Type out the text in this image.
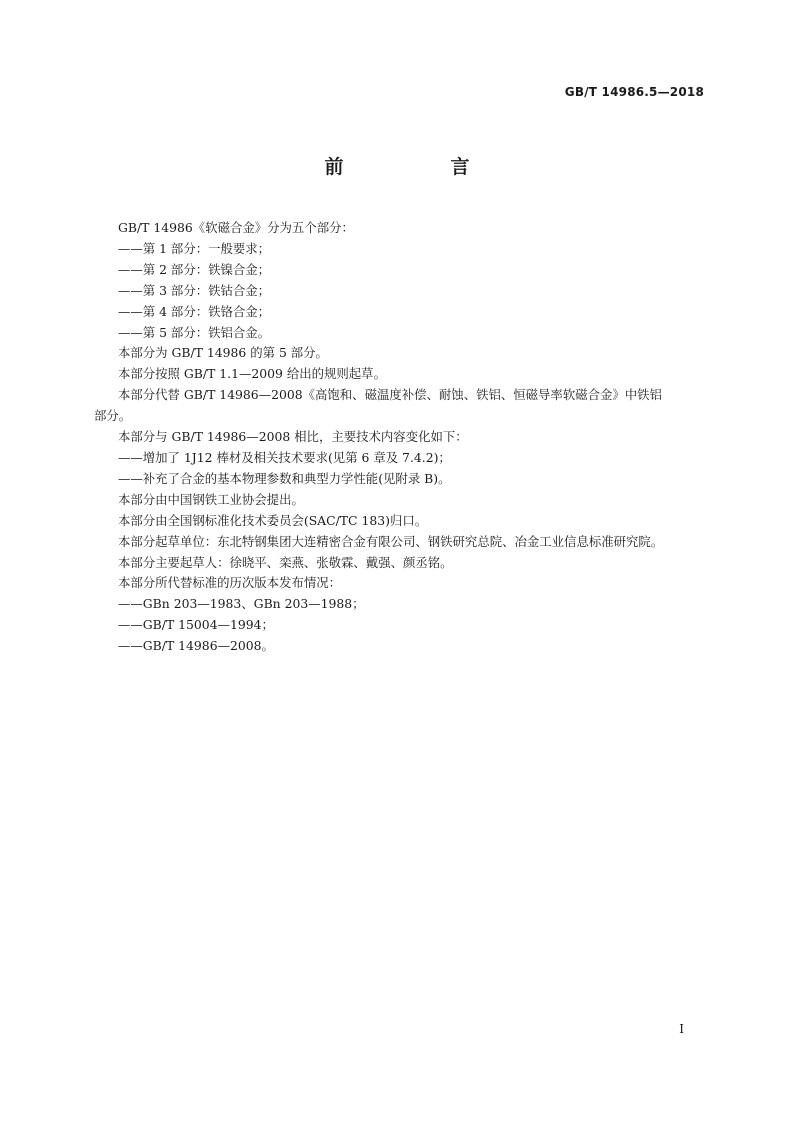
GB/T 14986.5—2018
前　言

GB/T 14986《软磁合金》分为五个部分：

——第 1 部分：一般要求；

——第 2 部分：铁镍合金；

——第 3 部分：铁钴合金；

——第 4 部分：铁铬合金；

——第 5 部分：铁铝合金。

本部分为 GB/T 14986 的第 5 部分。

本部分按照 GB/T 1.1—2009 给出的规则起草。

本部分代替 GB/T 14986—2008《高饱和、磁温度补偿、耐蚀、铁铝、恒磁导率软磁合金》中铁铝

部分。

本部分与 GB/T 14986—2008 相比，主要技术内容变化如下：

——增加了 1J12 棒材及相关技术要求(见第 6 章及 7.4.2)；

——补充了合金的基本物理参数和典型力学性能(见附录 B)。

本部分由中国钢铁工业协会提出。

本部分由全国钢标准化技术委员会(SAC/TC 183)归口。

本部分起草单位：东北特钢集团大连精密合金有限公司、钢铁研究总院、冶金工业信息标准研究院。

本部分主要起草人：徐晓平、栾燕、张敬霖、戴强、颜丞铭。

本部分所代替标准的历次版本发布情况：

——GBn 203—1983、GBn 203—1988；

——GB/T 15004—1994；

——GB/T 14986—2008。

I
